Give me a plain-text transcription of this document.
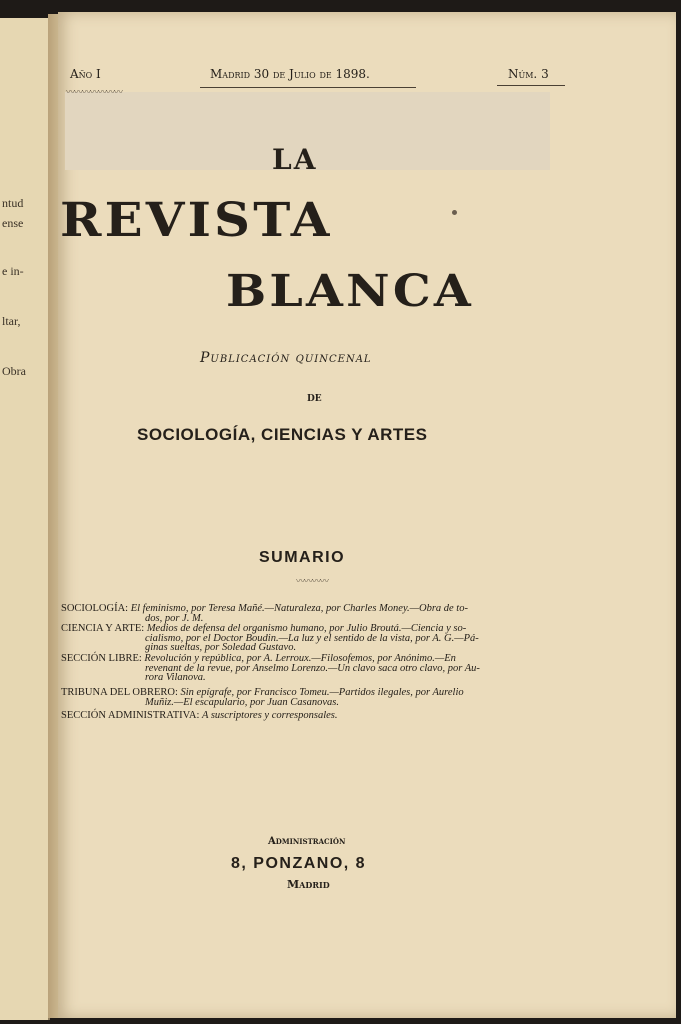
ntud
ense
e in-
ltar,
Obra
Año I
〰〰〰〰〰〰〰
Madrid 30 de Julio de 1898.	Núm. 3
LA
REVISTA
BLANCA
Publicación quincenal
DE
SOCIOLOGÍA, CIENCIAS Y ARTES
SUMARIO
〰〰〰〰
SOCIOLOGÍA: El feminismo, por Teresa Mañé.—Naturaleza, por Charles Money.—Obra de to-
dos, por J. M.
CIENCIA Y ARTE: Medios de defensa del organismo humano, por Julio Broutá.—Ciencia y so-
cialismo, por el Doctor Boudin.—La luz y el sentido de la vista, por A. G.—Pá-
ginas sueltas, por Soledad Gustavo.
SECCIÓN LIBRE: Revolución y república, por A. Lerroux.—Filosofemos, por Anónimo.—En
revenant de la revue, por Anselmo Lorenzo.—Un clavo saca otro clavo, por Au-
rora Vilanova.
TRIBUNA DEL OBRERO: Sin epígrafe, por Francisco Tomeu.—Partidos ilegales, por Aurelio
Muñiz.—El escapulario, por Juan Casanovas.
SECCIÓN ADMINISTRATIVA: A suscriptores y corresponsales.
Administración
8, PONZANO, 8
Madrid
